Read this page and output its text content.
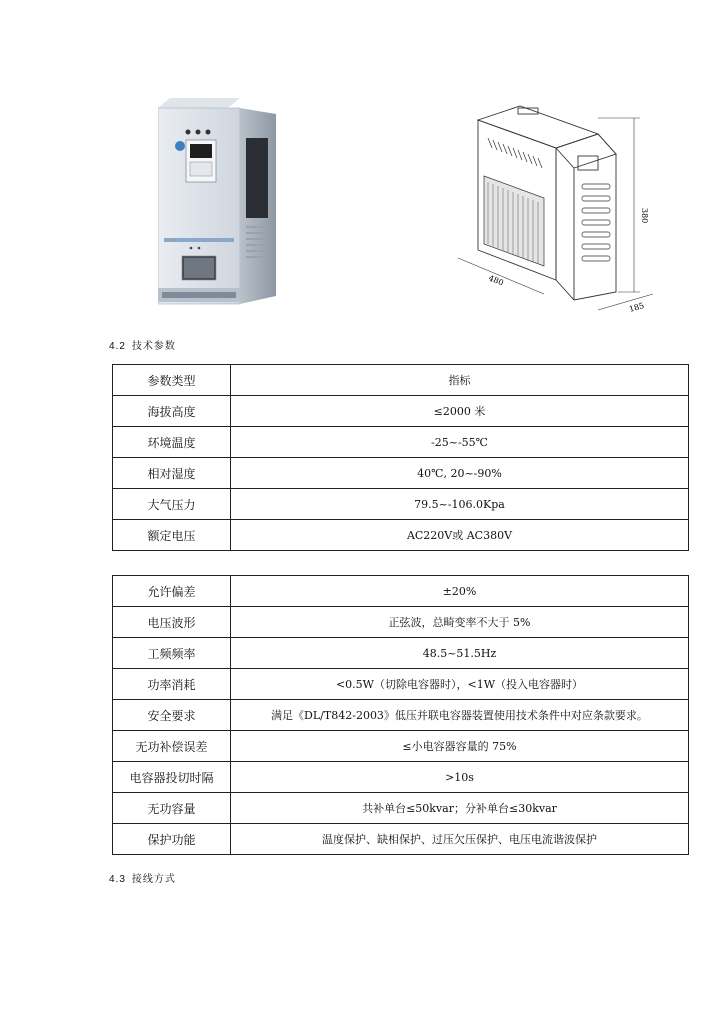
380
480
185
4.2 技术参数
参数类型	指标
海拔高度	≤2000 米
环境温度	-25~-55℃
相对湿度	40℃, 20~-90%
大气压力	79.5~-106.0Kpa
额定电压	AC220V或 AC380V
允许偏差	±20%
电压波形	正弦波，总畸变率不大于 5%
工频频率	48.5~51.5Hz
功率消耗	<0.5W（切除电容器时），<1W（投入电容器时）
安全要求	满足《DL/T842-2003》低压并联电容器装置使用技术条件中对应条款要求。
无功补偿误差	≤小电容器容量的 75%
电容器投切时隔	>10s
无功容量	共补单台≤50kvar；分补单台≤30kvar
保护功能	温度保护、缺相保护、过压欠压保护、电压电流谐波保护
4.3 接线方式
